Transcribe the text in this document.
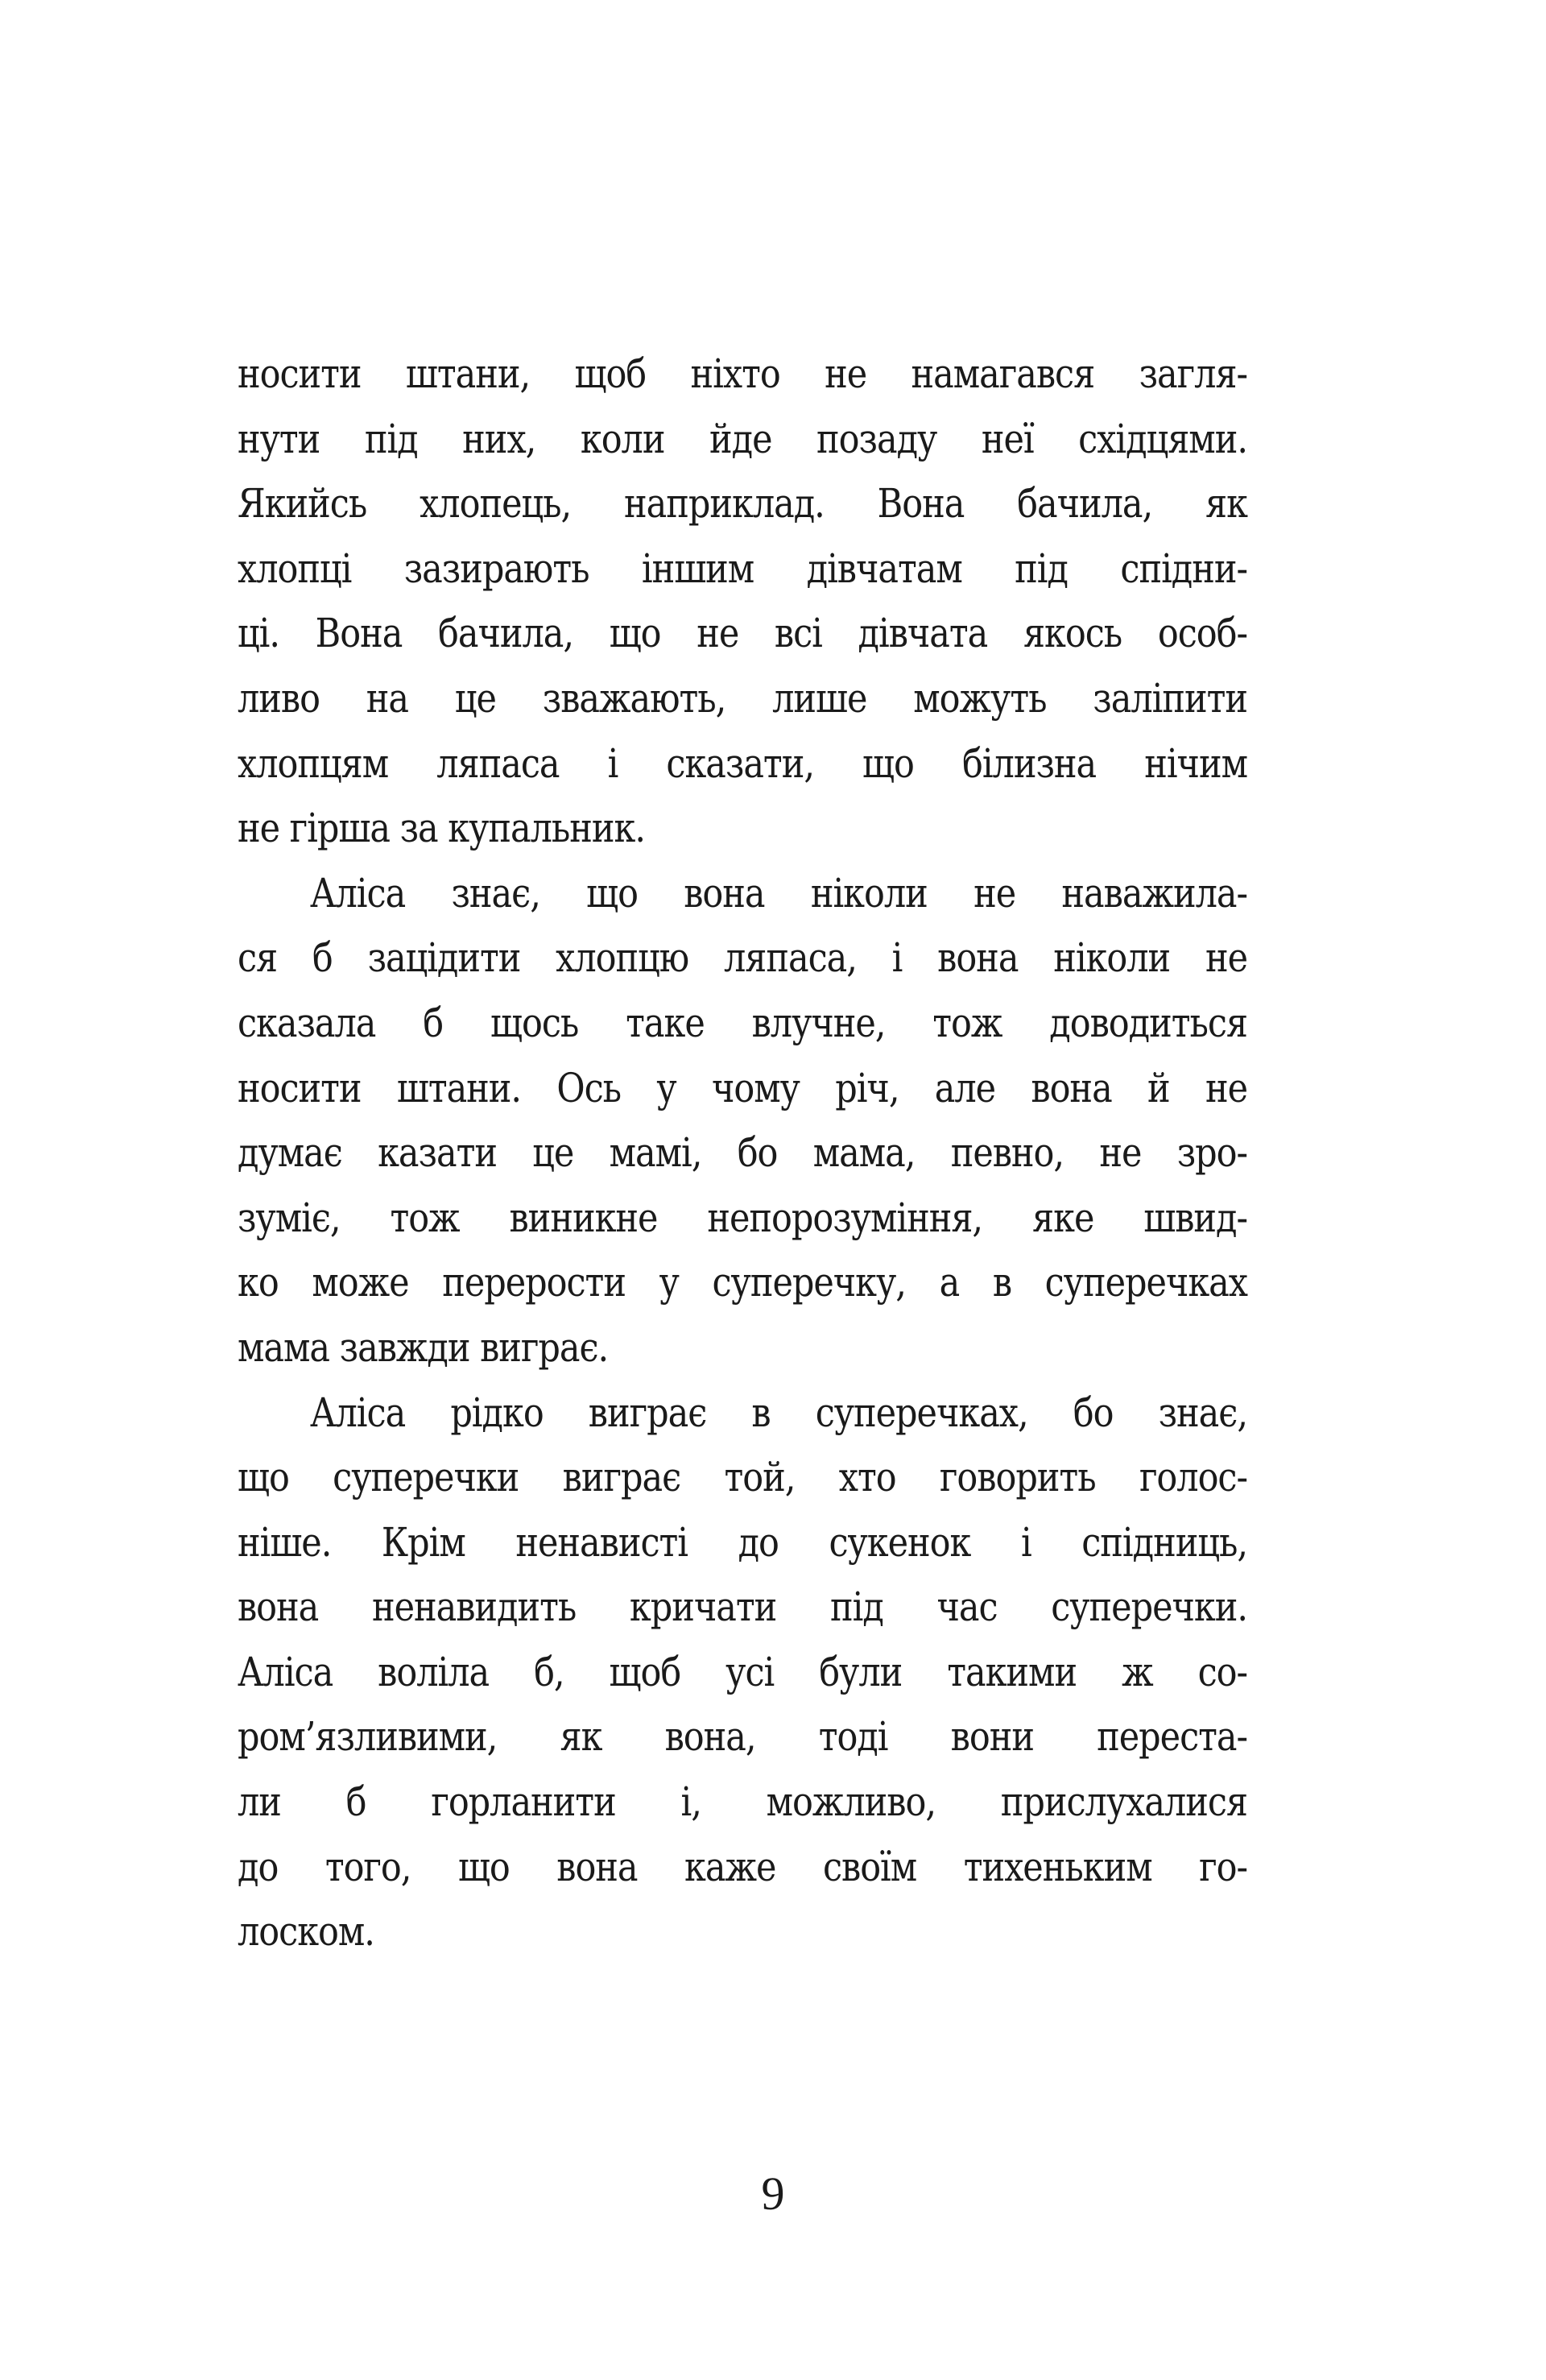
носити штани, щоб ніхто не намагався загля-
нути під них, коли йде позаду неї східцями.
Якийсь хлопець, наприклад. Вона бачила, як
хлопці зазирають іншим дівчатам під спідни-
ці. Вона бачила, що не всі дівчата якось особ-
ливо на це зважають, лише можуть заліпити
хлопцям ляпаса і сказати, що білизна нічим
не гірша за купальник.
Аліса знає, що вона ніколи не наважила-
ся б зацідити хлопцю ляпаса, і вона ніколи не
сказала б щось таке влучне, тож доводиться
носити штани. Ось у чому річ, але вона й не
думає казати це мамі, бо мама, певно, не зро-
зуміє, тож виникне непорозуміння, яке швид-
ко може перерости у суперечку, а в суперечках
мама завжди виграє.
Аліса рідко виграє в суперечках, бо знає,
що суперечки виграє той, хто говорить голос-
ніше. Крім ненависті до сукенок і спідниць,
вона ненавидить кричати під час суперечки.
Аліса воліла б, щоб усі були такими ж со-
ром’язливими, як вона, тоді вони переста-
ли б горланити і, можливо, прислухалися
до того, що вона каже своїм тихеньким го-
лоском.
9
